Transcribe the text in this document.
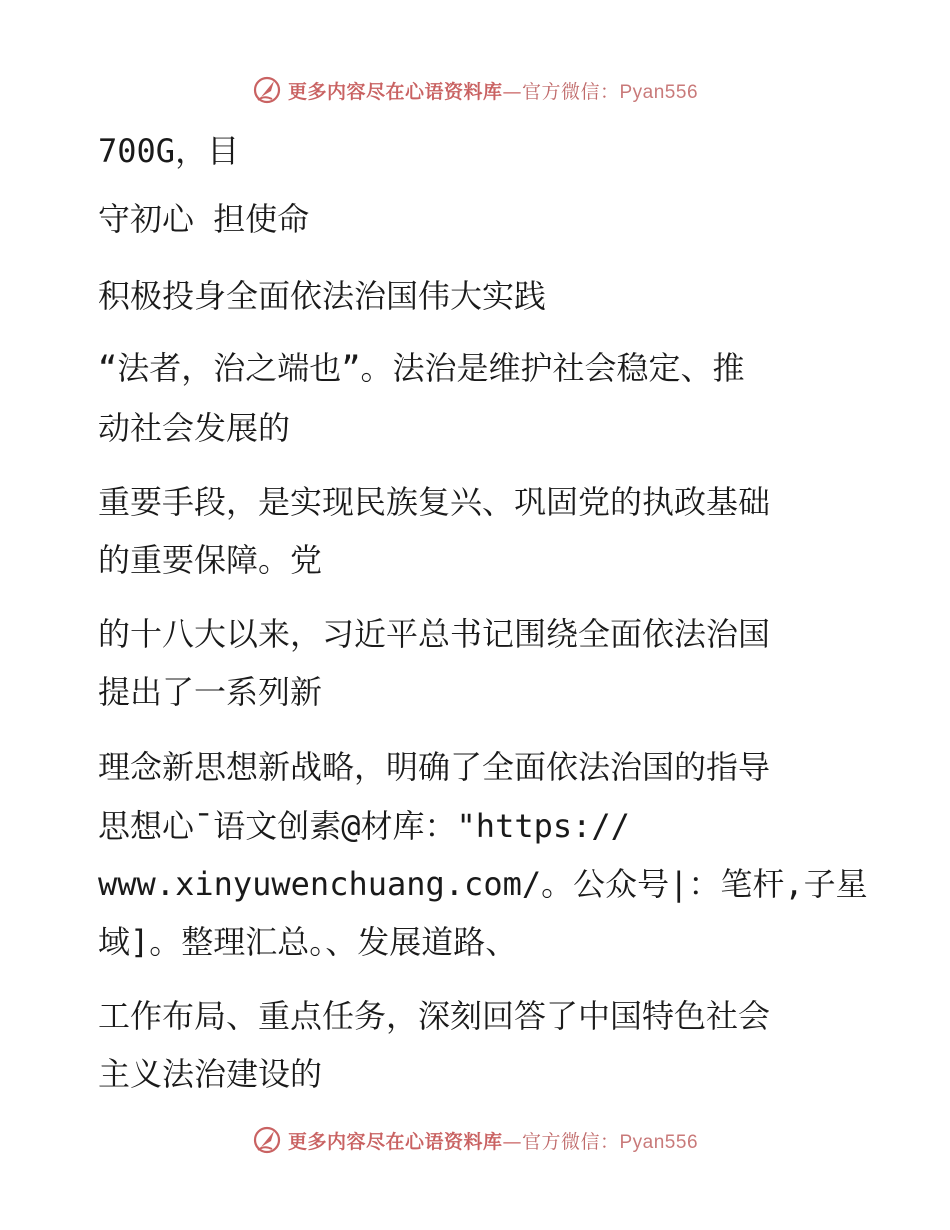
更多内容尽在心语资料库—官方微信：Pyan556
700G，目
守初心 担使命
积极投身全面依法治国伟大实践
“法者，治之端也”。法治是维护社会稳定、推
动社会发展的
重要手段，是实现民族复兴、巩固党的执政基础
的重要保障。党
的十八大以来，习近平总书记围绕全面依法治国
提出了一系列新
理念新思想新战略，明确了全面依法治国的指导
思想心¯语文创素@材库："https://
www.xinyuwenchuang.com/。公众号|：笔杆,子星
域]。整理汇总。、发展道路、
工作布局、重点任务，深刻回答了中国特色社会
主义法治建设的
更多内容尽在心语资料库—官方微信：Pyan556
